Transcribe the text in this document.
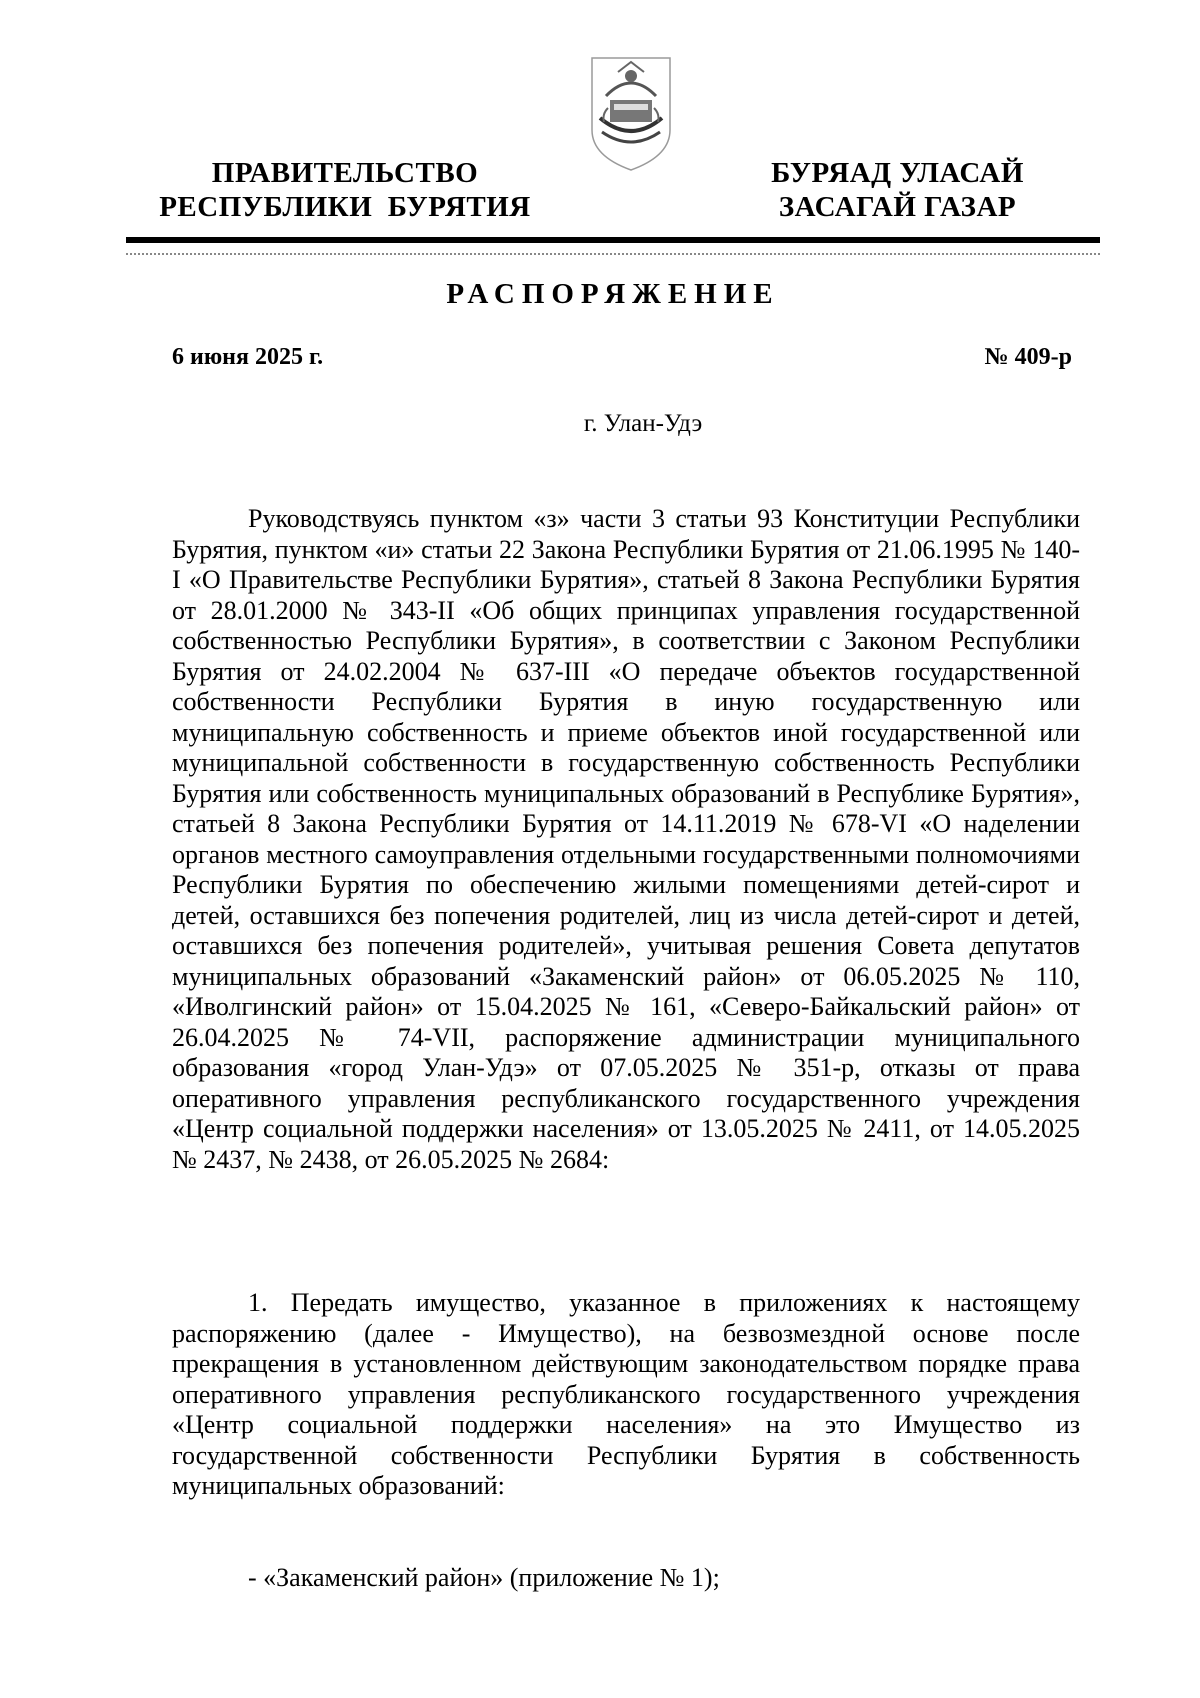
ПРАВИТЕЛЬСТВО
РЕСПУБЛИКИ  БУРЯТИЯ
БУРЯАД УЛАСАЙ
ЗАСАГАЙ ГАЗАР
РАСПОРЯЖЕНИЕ
6 июня 2025 г.	№ 409-р
г. Улан-Удэ

Руководствуясь пунктом «з» части 3 статьи 93 Конституции Республики Бурятия, пунктом «и» статьи 22 Закона Республики Бурятия от 21.06.1995 № 140-I «О Правительстве Республики Бурятия», статьей 8 Закона Республики Бурятия от 28.01.2000 № 343-II «Об общих принципах управления государственной собственностью Республики Бурятия», в соответствии с Законом Республики Бурятия от 24.02.2004 № 637-III «О передаче объектов государственной собственности Республики Бурятия в иную государственную или муниципальную собственность и приеме объектов иной государственной или муниципальной собственности в государственную собственность Республики Бурятия или собственность муниципальных образований в Республике Бурятия», статьей 8 Закона Республики Бурятия от 14.11.2019 № 678-VI «О наделении органов местного самоуправления отдельными государственными полномочиями Республики Бурятия по обеспечению жилыми помещениями детей-сирот и детей, оставшихся без попечения родителей, лиц из числа детей-сирот и детей, оставшихся без попечения родителей», учитывая решения Совета депутатов муниципальных образований «Закаменский район» от 06.05.2025 № 110, «Иволгинский район» от 15.04.2025 № 161, «Северо-Байкальский район» от 26.04.2025 № 74-VII, распоряжение администрации муниципального образования «город Улан-Удэ» от 07.05.2025 № 351-р, отказы от права оперативного управления республиканского государственного учреждения «Центр социальной поддержки населения» от 13.05.2025 № 2411, от 14.05.2025 № 2437, № 2438, от 26.05.2025 № 2684:

1. Передать имущество, указанное в приложениях к настоящему распоряжению (далее - Имущество), на безвозмездной основе после прекращения в установленном действующим законодательством порядке права оперативного управления республиканского государственного учреждения «Центр социальной поддержки населения» на это Имущество из государственной собственности Республики Бурятия в собственность муниципальных образований:

- «Закаменский район» (приложение № 1);
